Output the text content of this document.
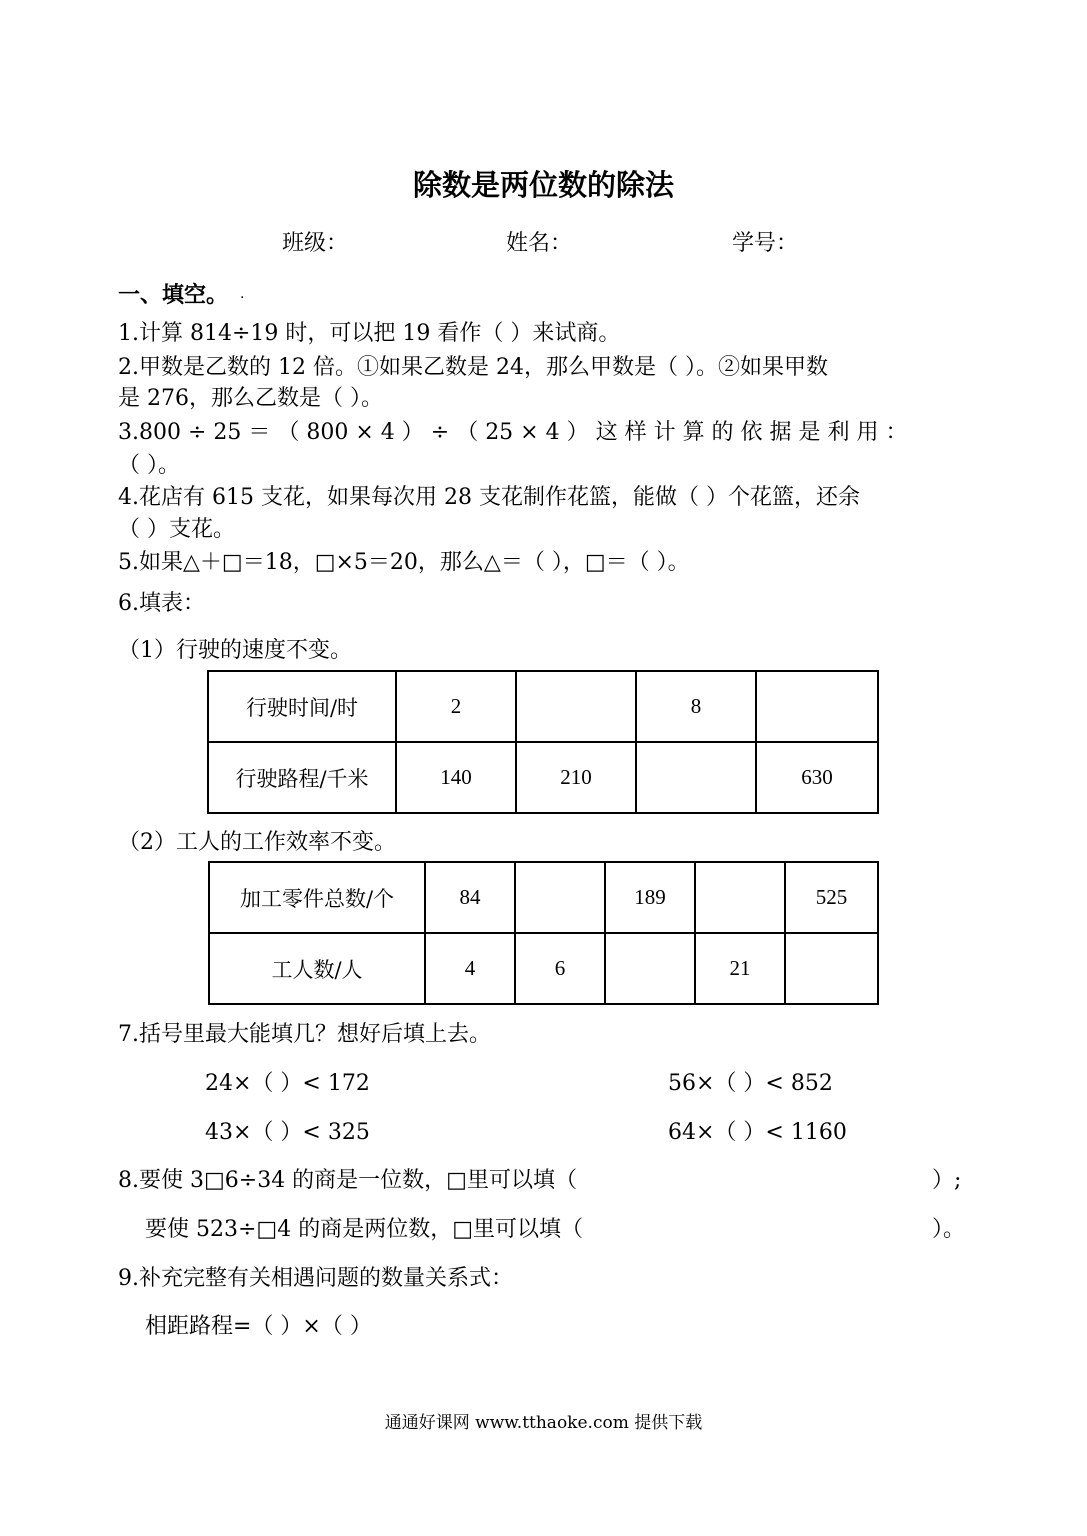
除数是两位数的除法
班级：	姓名：	学号：
一、填空。 .
1.计算 814÷19 时，可以把 19 看作（ ）来试商。
2.甲数是乙数的 12 倍。①如果乙数是 24，那么甲数是（ ）。②如果甲数
是 276，那么乙数是（ ）。
3.800 ÷ 25 ＝ （ 800 × 4 ） ÷ （ 25 × 4 ） 这 样 计 算 的 依 据 是 利 用 ：
（ ）。
4.花店有 615 支花，如果每次用 28 支花制作花篮，能做（ ）个花篮，还余
（ ）支花。
5.如果△＋□＝18，□×5＝20，那么△＝（ ），□＝（ ）。
6.填表：
（1）行驶的速度不变。
行驶时间/时	2		8	
行驶路程/千米	140	210		630
（2）工人的工作效率不变。
加工零件总数/个	84		189		525
工人数/人	4	6		21	
7.括号里最大能填几？想好后填上去。
24×（ ）< 172	56×（ ）< 852
43×（ ）< 325	64×（ ）< 1160
8.要使 3□6÷34 的商是一位数，□里可以填（	）;
要使 523÷□4 的商是两位数，□里可以填（	）。
9.补充完整有关相遇问题的数量关系式：
相距路程=（ ）×（ ）
通通好课网 www.tthaoke.com 提供下载
